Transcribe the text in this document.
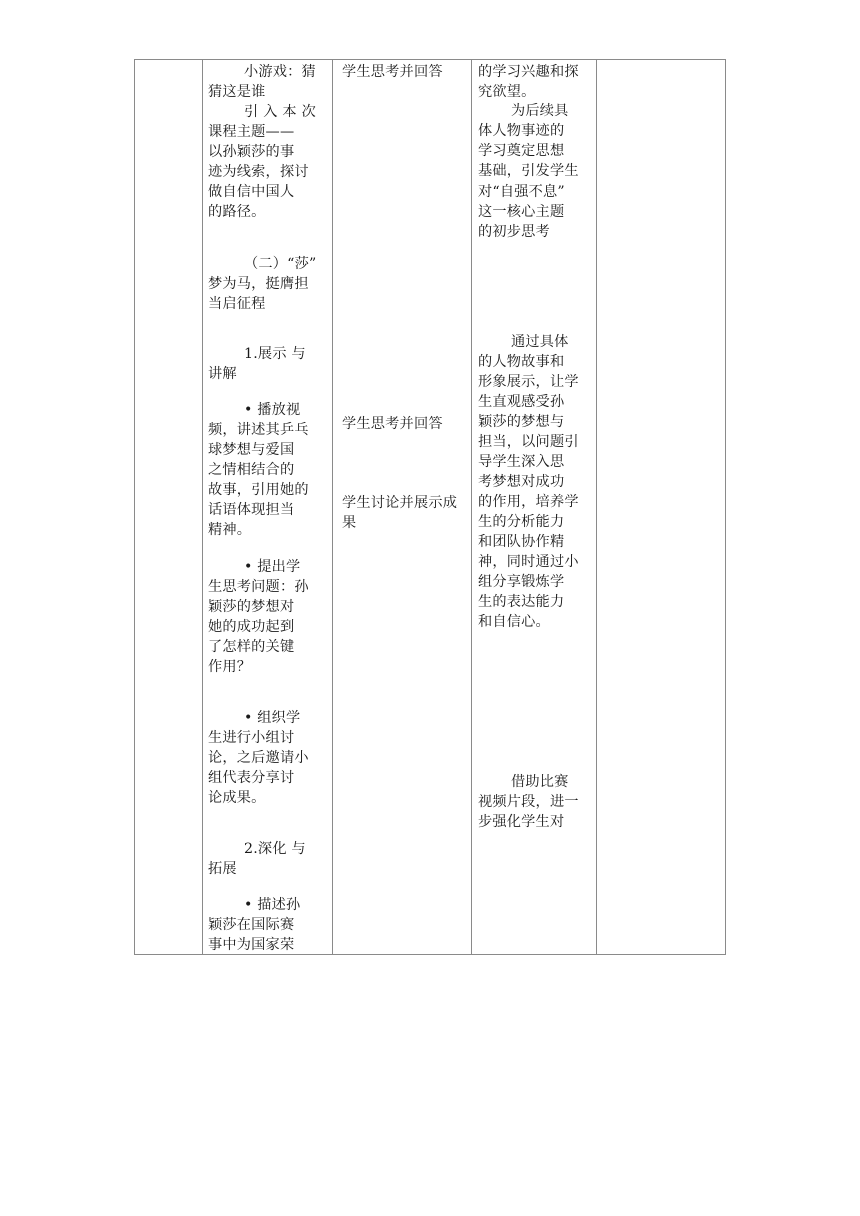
小游戏：猜
猜这是谁
引入本次
课程主题——
以孙颖莎的事
迹为线索，探讨
做自信中国人
的路径。
（二）“莎”
梦为马，挺膺担
当启征程
1.展示 与
讲解
• 播放视
频，讲述其乒乓
球梦想与爱国
之情相结合的
故事，引用她的
话语体现担当
精神。
• 提出学
生思考问题：孙
颖莎的梦想对
她的成功起到
了怎样的关键
作用？
• 组织学
生进行小组讨
论，之后邀请小
组代表分享讨
论成果。
2.深化 与
拓展
• 描述孙
颖莎在国际赛
事中为国家荣
学生思考并回答
学生思考并回答
学生讨论并展示成
果
的学习兴趣和探
究欲望。
为后续具
体人物事迹的
学习奠定思想
基础，引发学生
对“自强不息”
这一核心主题
的初步思考
通过具体
的人物故事和
形象展示，让学
生直观感受孙
颖莎的梦想与
担当，以问题引
导学生深入思
考梦想对成功
的作用，培养学
生的分析能力
和团队协作精
神，同时通过小
组分享锻炼学
生的表达能力
和自信心。
借助比赛
视频片段，进一
步强化学生对
